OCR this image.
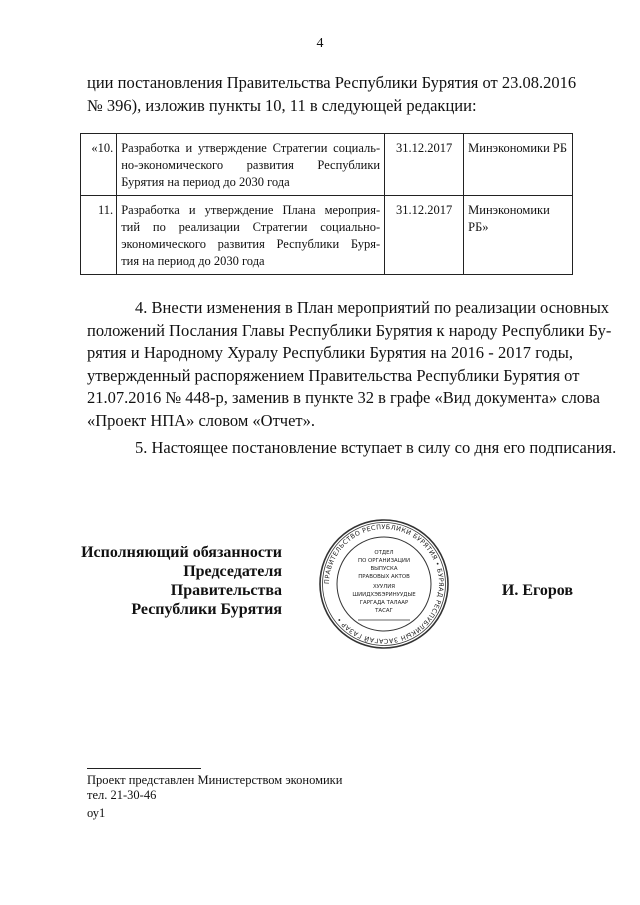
4
ции постановления Правительства Республики Бурятия от 23.08.2016
№ 396), изложив пункты 10, 11 в следующей редакции:
«10.	Разработка и утверждение Стратегии социаль-
но-экономического развития Республики
Бурятия на период до 2030 года	31.12.2017	Минэкономики РБ
11.	Разработка и утверждение Плана мероприя-
тий по реализации Стратегии социально-
экономического развития Республики Буря-
тия на период до 2030 года	31.12.2017	Минэкономики РБ»
4. Внести изменения в План мероприятий по реализации основных
положений Послания Главы Республики Бурятия к народу Республики Бу-
рятия и Народному Хуралу Республики Бурятия на 2016 - 2017 годы,
утвержденный распоряжением Правительства Республики Бурятия от
21.07.2016 № 448-р, заменив в пункте 32 в графе «Вид документа» слова
«Проект НПА» словом «Отчет».
5. Настоящее постановление вступает в силу со дня его подписания.
Исполняющий обязанности
Председателя Правительства
Республики Бурятия
И. Егоров
ПРАВИТЕЛЬСТВО РЕСПУБЛИКИ БУРЯТИЯ • БУРЯАД РЕСПУБЛИКЫН ЗАСАГАЙ ГАЗАР •
ОТДЕЛ
ПО ОРГАНИЗАЦИИ
ВЫПУСКА
ПРАВОВЫХ АКТОВ
ХУУЛИЯ
ШИИДХЭБЭРИНУУДЫЕ
ГАРГАДА ТАЛААР
ТАСАГ
Проект представлен Министерством экономики
тел. 21-30-46
оу1
